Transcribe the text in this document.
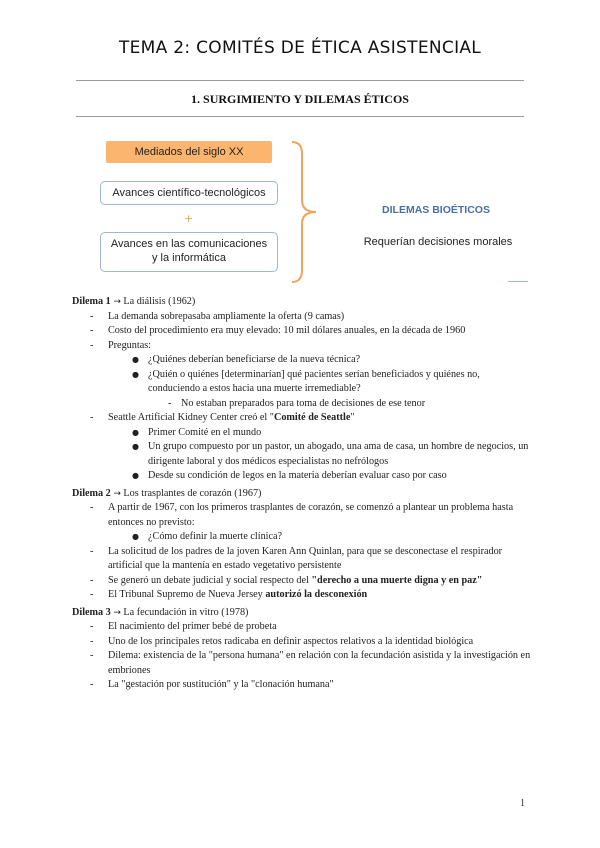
TEMA 2: COMITÉS DE ÉTICA ASISTENCIAL
1. SURGIMIENTO Y DILEMAS ÉTICOS
Mediados del siglo XX
Avances científico-tecnológicos
+
Avances en las comunicaciones
y la informática
DILEMAS BIOÉTICOS
Requerían decisiones morales

Dilema 1 → La diálisis (1962)

- La demanda sobrepasaba ampliamente la oferta (9 camas)

- Costo del procedimiento era muy elevado: 10 mil dólares anuales, en la década de 1960

- Preguntas:

● ¿Quiénes deberían beneficiarse de la nueva técnica?

● ¿Quién o quiénes [determinarían] qué pacientes serían beneficiados y quiénes no, conduciendo a estos hacia una muerte irremediable?

- No estaban preparados para toma de decisiones de ese tenor

- Seattle Artificial Kidney Center creó el "Comité de Seattle"

● Primer Comité en el mundo

● Un grupo compuesto por un pastor, un abogado, una ama de casa, un hombre de negocios, un dirigente laboral y dos médicos especialistas no nefrólogos

● Desde su condición de legos en la materia deberían evaluar caso por caso

Dilema 2 → Los trasplantes de corazón (1967)

- A partir de 1967, con los primeros trasplantes de corazón, se comenzó a plantear un problema hasta entonces no previsto:

● ¿Cómo definir la muerte clínica?

- La solicitud de los padres de la joven Karen Ann Quinlan, para que se desconectase el respirador artificial que la mantenía en estado vegetativo persistente

- Se generó un debate judicial y social respecto del "derecho a una muerte digna y en paz"

- El Tribunal Supremo de Nueva Jersey autorizó la desconexión

Dilema 3 → La fecundación in vitro (1978)

- El nacimiento del primer bebé de probeta

- Uno de los principales retos radicaba en definir aspectos relativos a la identidad biológica

- Dilema: existencia de la "persona humana" en relación con la fecundación asistida y la investigación en embriones

- La "gestación por sustitución" y la "clonación humana"

1
